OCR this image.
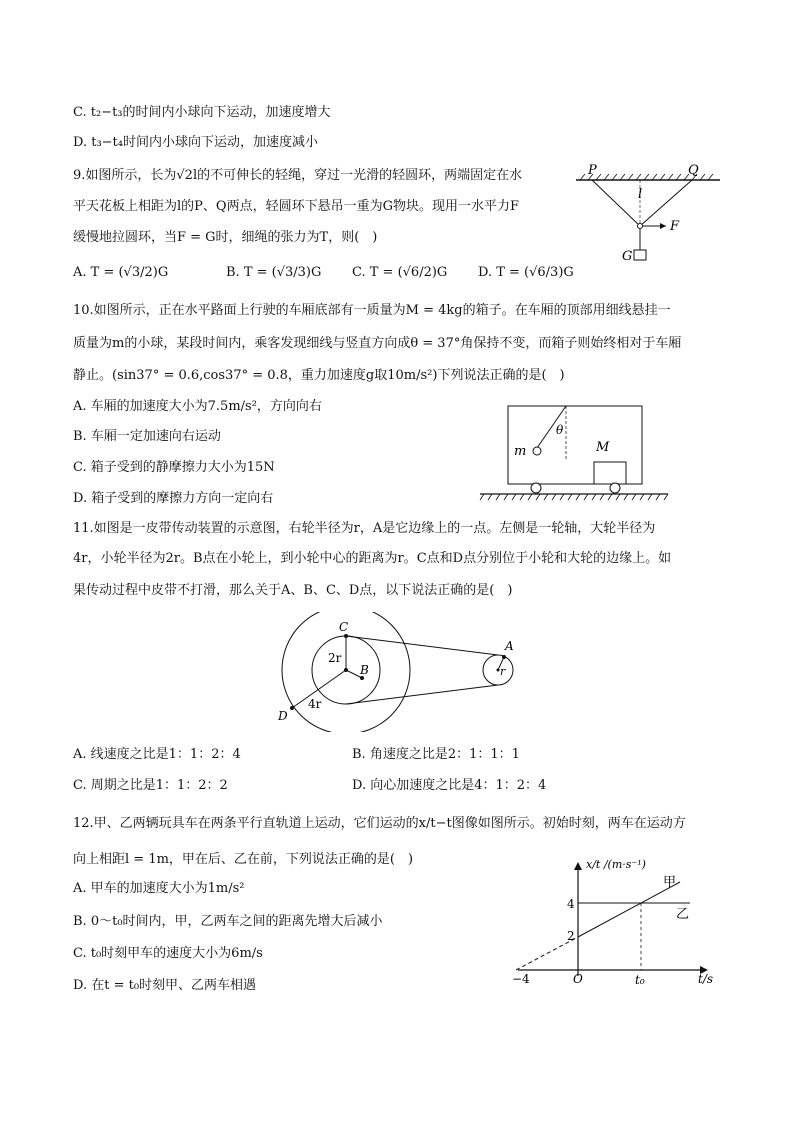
C. t₂−t₃的时间内小球向下运动，加速度增大
D. t₃−t₄时间内小球向下运动，加速度减小
9.如图所示，长为√2l的不可伸长的轻绳，穿过一光滑的轻圆环，两端固定在水
平天花板上相距为l的P、Q两点，轻圆环下悬吊一重为G物块。现用一水平力F
缓慢地拉圆环，当F = G时，细绳的张力为T，则(　)
A. T = (√3/2)G	B. T = (√3/3)G C. T = (√6/2)G D. T = (√6/3)G
P	Q
l
F
G
10.如图所示，正在水平路面上行驶的车厢底部有一质量为M = 4kg的箱子。在车厢的顶部用细线悬挂一
质量为m的小球，某段时间内，乘客发现细线与竖直方向成θ = 37°角保持不变，而箱子则始终相对于车厢
静止。(sin37° = 0.6,cos37° = 0.8，重力加速度g取10m/s²)下列说法正确的是(　)
A. 车厢的加速度大小为7.5m/s²，方向向右
B. 车厢一定加速向右运动
C. 箱子受到的静摩擦力大小为15N
D. 箱子受到的摩擦力方向一定向右
m	M
θ
11.如图是一皮带传动装置的示意图，右轮半径为r，A是它边缘上的一点。左侧是一轮轴，大轮半径为
4r，小轮半径为2r。B点在小轮上，到小轮中心的距离为r。C点和D点分别位于小轮和大轮的边缘上。如
果传动过程中皮带不打滑，那么关于A、B、C、D点，以下说法正确的是(　)
C
B
D
A
2r
4r
r
A. 线速度之比是1：1：2：4	B. 角速度之比是2：1：1：1
C. 周期之比是1：1：2：2	D. 向心加速度之比是4：1：2：4
12.甲、乙两辆玩具车在两条平行直轨道上运动，它们运动的x/t−t图像如图所示。初始时刻，两车在运动方
向上相距l = 1m，甲在后、乙在前，下列说法正确的是(　)
A. 甲车的加速度大小为1m/s²
B. 0～t₀时间内，甲，乙两车之间的距离先增大后减小
C. t₀时刻甲车的速度大小为6m/s
D. 在t = t₀时刻甲、乙两车相遇
x/t /(m·s⁻¹)
t/s
甲
乙
4
2
−4	O	t₀
